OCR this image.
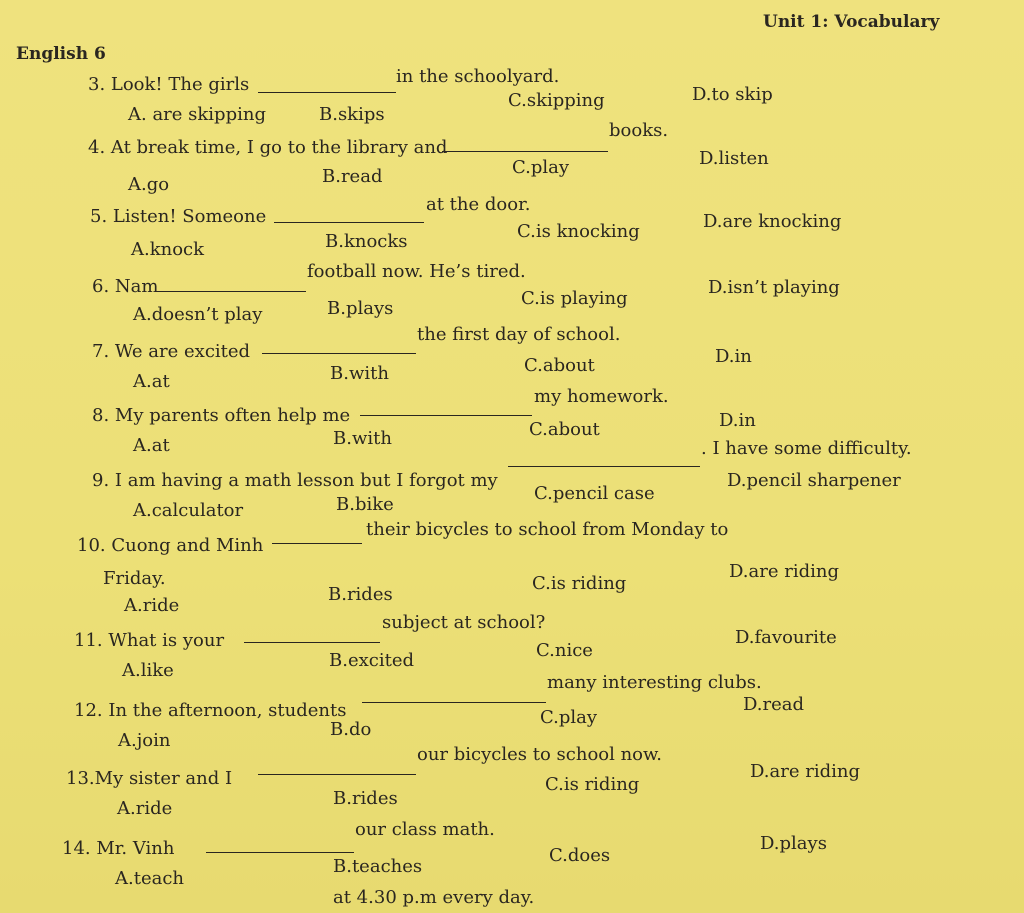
Unit 1: Vocabulary
English 6
3. Look! The girls	in the schoolyard.
A. are skipping	B.skips
C.skipping	D.to skip
4. At break time, I go to the library and
books.
A.go	B.read	C.play	D.listen
5. Listen! Someone
at the door.
A.knock	B.knocks	C.is knocking	D.are knocking
6. Nam
football now. He’s tired.
A.doesn’t play	B.plays	C.is playing
D.isn’t playing
7. We are excited
the first day of school.
A.at	B.with	C.about	D.in
8. My parents often help me
my homework.
A.at	B.with	C.about	D.in
9. I am having a math lesson but I forgot my
. I have some difficulty.
A.calculator	B.bike
C.pencil case
D.pencil sharpener
10. Cuong and Minh
their bicycles to school from Monday to
A.ride
B.rides
C.is riding
D.are riding
Friday.
11. What is your
subject at school?
A.like	B.excited	C.nice
D.favourite
12. In the afternoon, students
many interesting clubs.
A.join
B.do
C.play
D.read
13.My sister and I
our bicycles to school now.
A.ride	B.rides
C.is riding
D.are riding
14. Mr. Vinh
our class math.
A.teach
B.teaches
C.does
D.plays
at 4.30 p.m every day.
